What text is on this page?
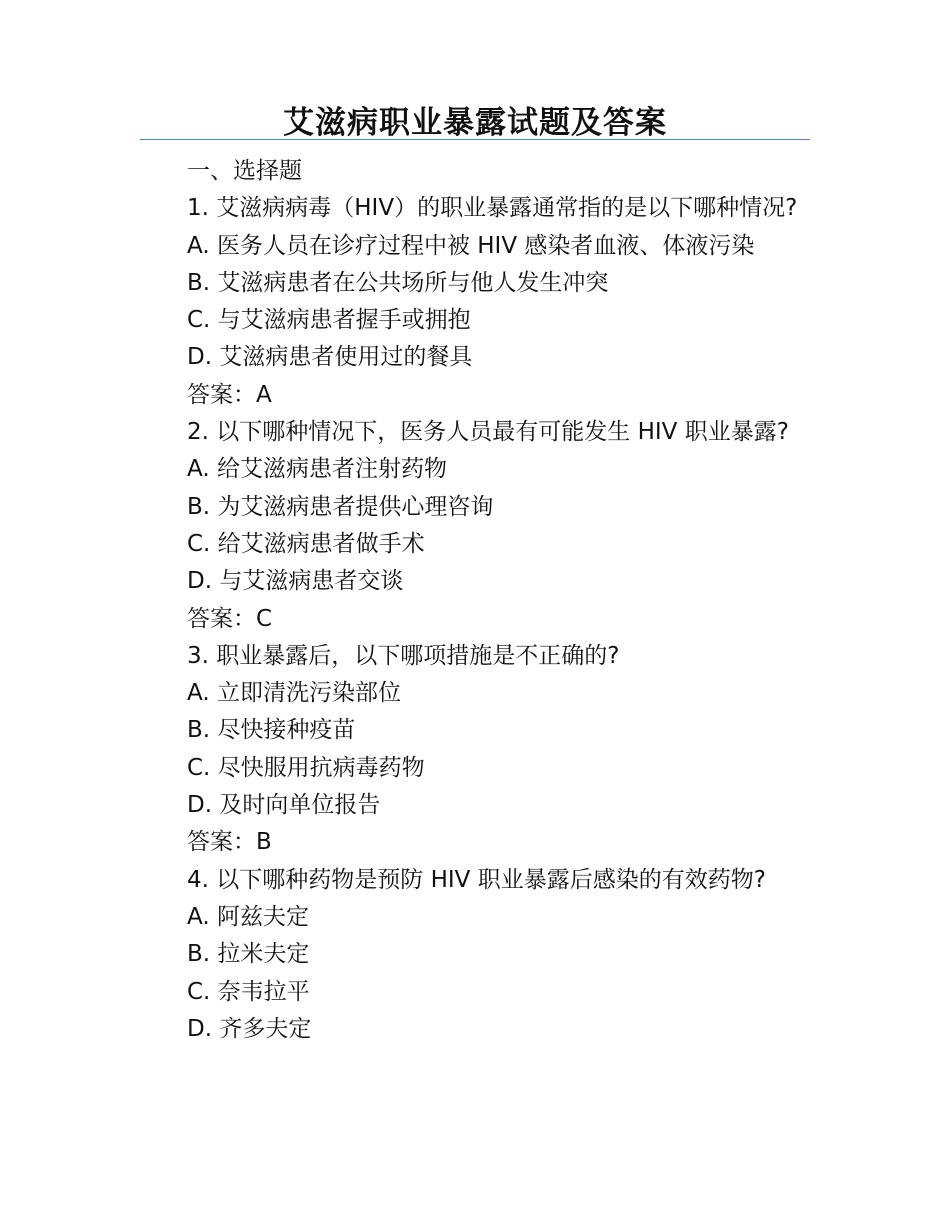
艾滋病职业暴露试题及答案

一、选择题

1. 艾滋病病毒（HIV）的职业暴露通常指的是以下哪种情况?

A. 医务人员在诊疗过程中被 HIV 感染者血液、体液污染

B. 艾滋病患者在公共场所与他人发生冲突

C. 与艾滋病患者握手或拥抱

D. 艾滋病患者使用过的餐具

答案：A

2. 以下哪种情况下，医务人员最有可能发生 HIV 职业暴露?

A. 给艾滋病患者注射药物

B. 为艾滋病患者提供心理咨询

C. 给艾滋病患者做手术

D. 与艾滋病患者交谈

答案：C

3. 职业暴露后，以下哪项措施是不正确的?

A. 立即清洗污染部位

B. 尽快接种疫苗

C. 尽快服用抗病毒药物

D. 及时向单位报告

答案：B

4. 以下哪种药物是预防 HIV 职业暴露后感染的有效药物?

A. 阿兹夫定

B. 拉米夫定

C. 奈韦拉平

D. 齐多夫定
